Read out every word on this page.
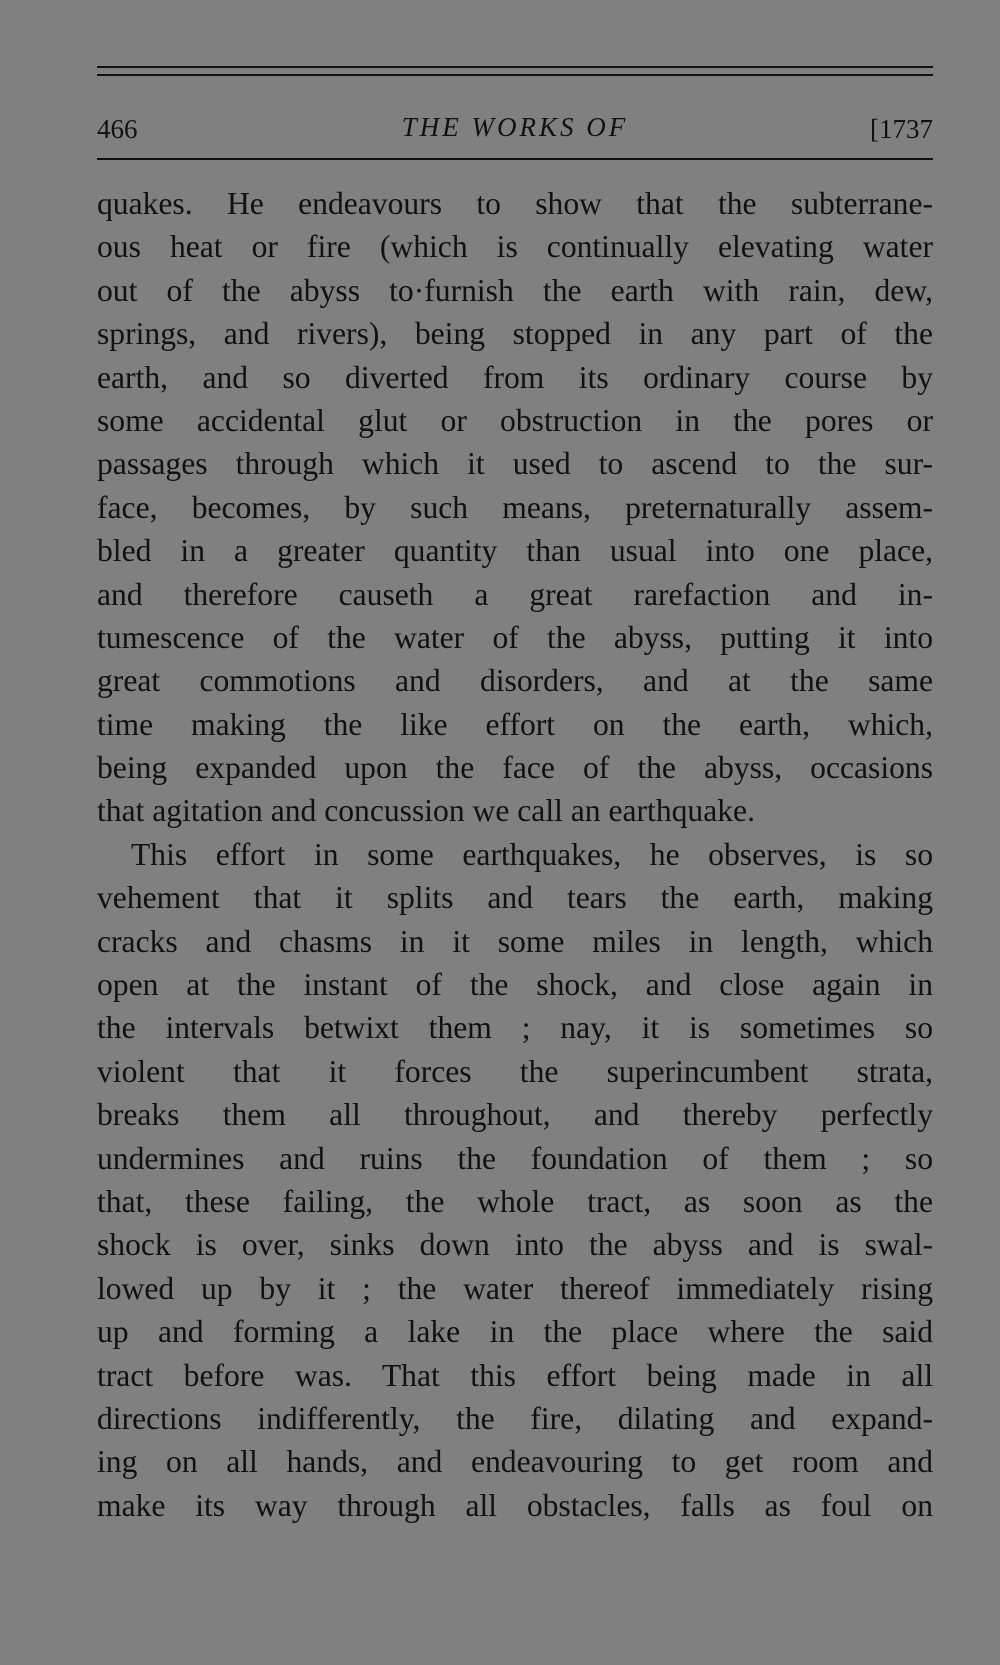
466	THE WORKS OF	[1737
quakes. He endeavours to show that the subterrane-
ous heat or fire (which is continually elevating water
out of the abyss to·furnish the earth with rain, dew,
springs, and rivers), being stopped in any part of the
earth, and so diverted from its ordinary course by
some accidental glut or obstruction in the pores or
passages through which it used to ascend to the sur-
face, becomes, by such means, preternaturally assem-
bled in a greater quantity than usual into one place,
and therefore causeth a great rarefaction and in-
tumescence of the water of the abyss, putting it into
great commotions and disorders, and at the same
time making the like effort on the earth, which,
being expanded upon the face of the abyss, occasions
that agitation and concussion we call an earthquake.
This effort in some earthquakes, he observes, is so
vehement that it splits and tears the earth, making
cracks and chasms in it some miles in length, which
open at the instant of the shock, and close again in
the intervals betwixt them ; nay, it is sometimes so
violent that it forces the superincumbent strata,
breaks them all throughout, and thereby perfectly
undermines and ruins the foundation of them ; so
that, these failing, the whole tract, as soon as the
shock is over, sinks down into the abyss and is swal-
lowed up by it ; the water thereof immediately rising
up and forming a lake in the place where the said
tract before was. That this effort being made in all
directions indifferently, the fire, dilating and expand-
ing on all hands, and endeavouring to get room and
make its way through all obstacles, falls as foul on
